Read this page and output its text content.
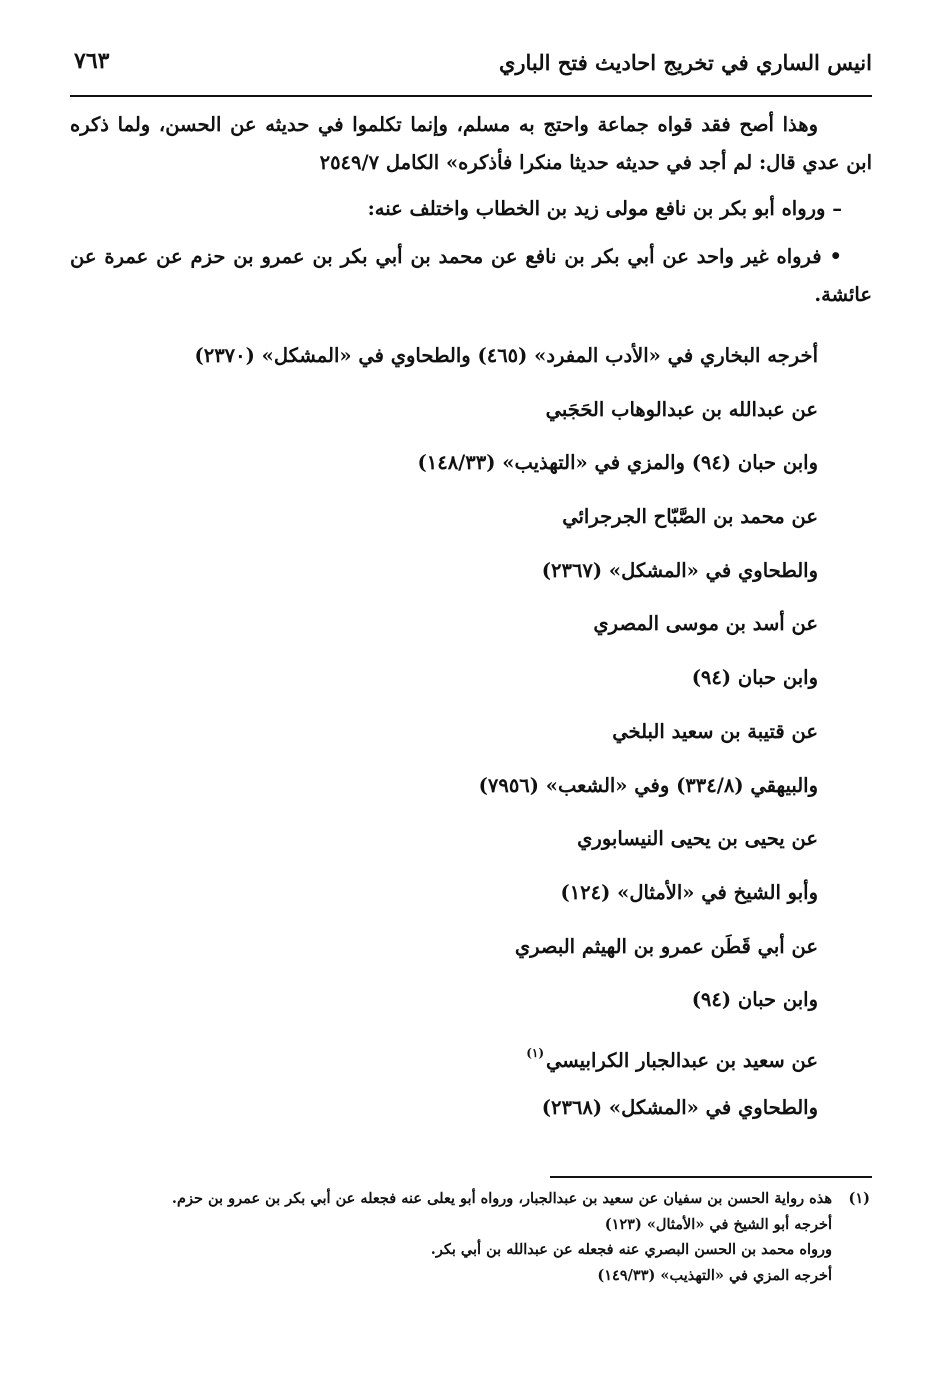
انيس الساري في تخريج احاديث فتح الباري
٧٦٣

وهذا أصح فقد قواه جماعة واحتج به مسلم، وإنما تكلموا في حديثه عن الحسن، ولما ذكره ابن عدي قال: لم أجد في حديثه حديثا منكرا فأذكره» الكامل ٢٥٤٩/٧

– ورواه أبو بكر بن نافع مولى زيد بن الخطاب واختلف عنه:

• فرواه غير واحد عن أبي بكر بن نافع عن محمد بن أبي بكر بن عمرو بن حزم عن عمرة عن عائشة.

أخرجه البخاري في «الأدب المفرد» (٤٦٥) والطحاوي في «المشكل» (٢٣٧٠)
عن عبدالله بن عبدالوهاب الحَجَبي
وابن حبان (٩٤) والمزي في «التهذيب» (١٤٨/٣٣)
عن محمد بن الصَّبّاح الجرجرائي
والطحاوي في «المشكل» (٢٣٦٧)
عن أسد بن موسى المصري
وابن حبان (٩٤)
عن قتيبة بن سعيد البلخي
والبيهقي (٣٣٤/٨) وفي «الشعب» (٧٩٥٦)
عن يحيى بن يحيى النيسابوري
وأبو الشيخ في «الأمثال» (١٢٤)
عن أبي قَطَن عمرو بن الهيثم البصري
وابن حبان (٩٤)
عن سعيد بن عبدالجبار الكرابيسي$^{(١)}$
والطحاوي في «المشكل» (٢٣٦٨)
(١)
هذه رواية الحسن بن سفيان عن سعيد بن عبدالجبار، ورواه أبو يعلى عنه فجعله عن أبي بكر بن عمرو بن حزم.
أخرجه أبو الشيخ في «الأمثال» (١٢٣)
ورواه محمد بن الحسن البصري عنه فجعله عن عبدالله بن أبي بكر.
أخرجه المزي في «التهذيب» (١٤٩/٣٣)
